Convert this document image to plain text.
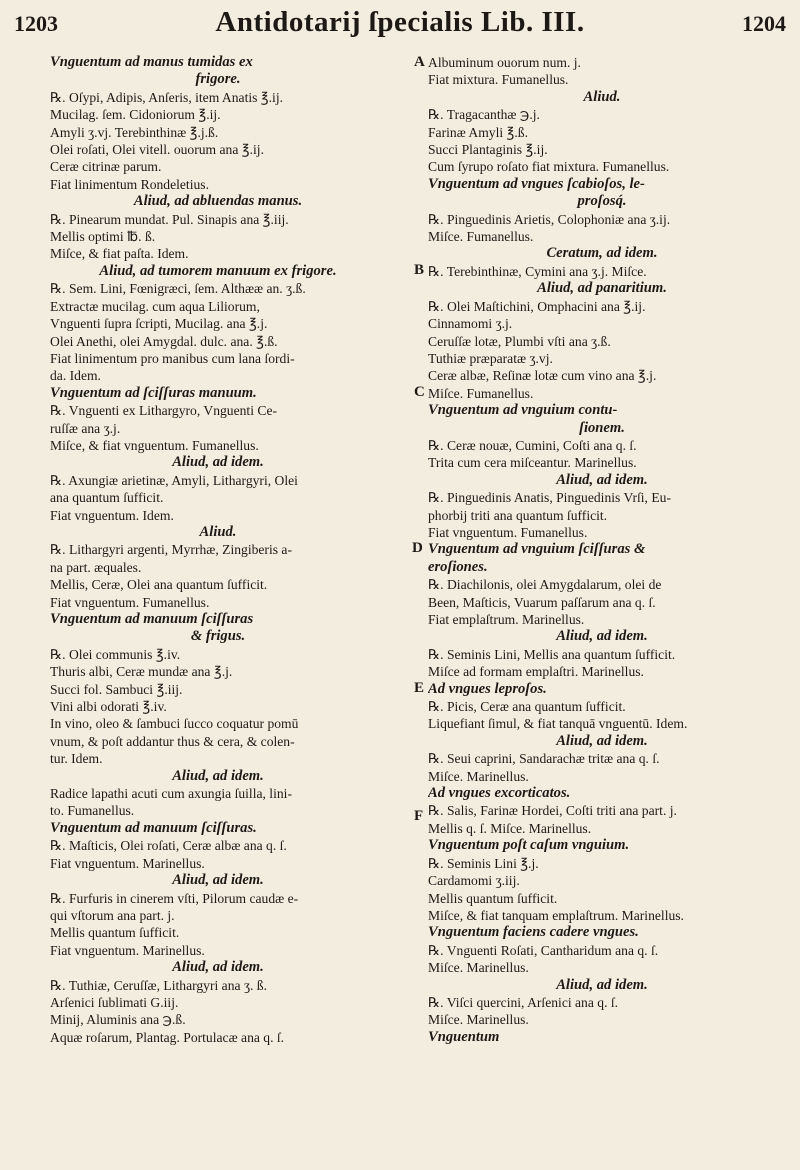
1203	Antidotarij ſpecialis Lib. III.	1204
A
B
C
D
E
F
Vnguentum ad manus tumidas ex
frigore.
℞. Oſypi, Adipis, Anſeris, item Anatis ℥.ij.
Mucilag. ſem. Cidoniorum ℥.ij.
Amyli ʒ.vj. Terebinthinæ ℥.j.ß.
Olei roſati, Olei vitell. ouorum ana ℥.ij.
Ceræ citrinæ parum.
Fiat linimentum Rondeletius.
Aliud, ad abluendas manus.
℞. Pinearum mundat. Pul. Sinapis ana ℥.iij.
Mellis optimi ℔. ß.
Miſce, & fiat paſta. Idem.
Aliud, ad tumorem manuum ex frigore.
℞. Sem. Lini, Fœnigræci, ſem. Althææ an. ʒ.ß.
Extractæ mucilag. cum aqua Liliorum,
Vnguenti ſupra ſcripti, Mucilag. ana ℥.j.
Olei Anethi, olei Amygdal. dulc. ana. ℥.ß.
Fiat linimentum pro manibus cum lana ſordi-
da. Idem.
Vnguentum ad ſciſſuras manuum.
℞. Vnguenti ex Lithargyro, Vnguenti Ce-
ruſſæ ana ʒ.j.
Miſce, & fiat vnguentum. Fumanellus.
Aliud, ad idem.
℞. Axungiæ arietinæ, Amyli, Lithargyri, Olei
ana quantum ſufficit.
Fiat vnguentum. Idem.
Aliud.
℞. Lithargyri argenti, Myrrhæ, Zingiberis a-
na part. æquales.
Mellis, Ceræ, Olei ana quantum ſufficit.
Fiat vnguentum. Fumanellus.
Vnguentum ad manuum ſciſſuras
& frigus.
℞. Olei communis ℥.iv.
Thuris albi, Ceræ mundæ ana ℥.j.
Succi fol. Sambuci ℥.iij.
Vini albi odorati ℥.iv.
In vino, oleo & ſambuci ſucco coquatur pomū
vnum, & poſt addantur thus & cera, & colen-
tur. Idem.
Aliud, ad idem.
Radice lapathi acuti cum axungia ſuilla, lini-
to. Fumanellus.
Vnguentum ad manuum ſciſſuras.
℞. Maſticis, Olei roſati, Ceræ albæ ana q. ſ.
Fiat vnguentum. Marinellus.
Aliud, ad idem.
℞. Furfuris in cinerem vſti, Pilorum caudæ e-
qui vſtorum ana part. j.
Mellis quantum ſufficit.
Fiat vnguentum. Marinellus.
Aliud, ad idem.
℞. Tuthiæ, Ceruſſæ, Lithargyri ana ʒ. ß.
Arſenici ſublimati G.iij.
Minij, Aluminis ana ℈.ß.
Aquæ roſarum, Plantag. Portulacæ ana q. ſ.
Albuminum ouorum num. j.
Fiat mixtura. Fumanellus.
Aliud.
℞. Tragacanthæ ℈.j.
Farinæ Amyli ℥.ß.
Succi Plantaginis ℥.ij.
Cum ſyrupo roſato fiat mixtura. Fumanellus.
Vnguentum ad vngues ſcabioſos, le-
proſosq́.
℞. Pinguedinis Arietis, Colophoniæ ana ʒ.ij.
Miſce. Fumanellus.
Ceratum, ad idem.
℞. Terebinthinæ, Cymini ana ʒ.j. Miſce.
Aliud, ad panaritium.
℞. Olei Maſtichini, Omphacini ana ℥.ij.
Cinnamomi ʒ.j.
Ceruſſæ lotæ, Plumbi vſti ana ʒ.ß.
Tuthiæ præparatæ ʒ.vj.
Ceræ albæ, Reſinæ lotæ cum vino ana ℥.j.
Miſce. Fumanellus.
Vnguentum ad vnguium contu-
ſionem.
℞. Ceræ nouæ, Cumini, Coſti ana q. ſ.
Trita cum cera miſceantur. Marinellus.
Aliud, ad idem.
℞. Pinguedinis Anatis, Pinguedinis Vrſi, Eu-
phorbij triti ana quantum ſufficit.
Fiat vnguentum. Fumanellus.
Vnguentum ad vnguium ſciſſuras &
eroſiones.
℞. Diachilonis, olei Amygdalarum, olei de
Been, Maſticis, Vuarum paſſarum ana q. ſ.
Fiat emplaſtrum. Marinellus.
Aliud, ad idem.
℞. Seminis Lini, Mellis ana quantum ſufficit.
Miſce ad formam emplaſtri. Marinellus.
Ad vngues leproſos.
℞. Picis, Ceræ ana quantum ſufficit.
Liquefiant ſimul, & fiat tanquā vnguentū. Idem.
Aliud, ad idem.
℞. Seui caprini, Sandarachæ tritæ ana q. ſ.
Miſce. Marinellus.
Ad vngues excorticatos.
℞. Salis, Farinæ Hordei, Coſti triti ana part. j.
Mellis q. ſ. Miſce. Marinellus.
Vnguentum poſt caſum vnguium.
℞. Seminis Lini ℥.j.
Cardamomi ʒ.iij.
Mellis quantum ſufficit.
Miſce, & fiat tanquam emplaſtrum. Marinellus.
Vnguentum faciens cadere vngues.
℞. Vnguenti Roſati, Cantharidum ana q. ſ.
Miſce. Marinellus.
Aliud, ad idem.
℞. Viſci quercini, Arſenici ana q. ſ.
Miſce. Marinellus.
Vnguentum
